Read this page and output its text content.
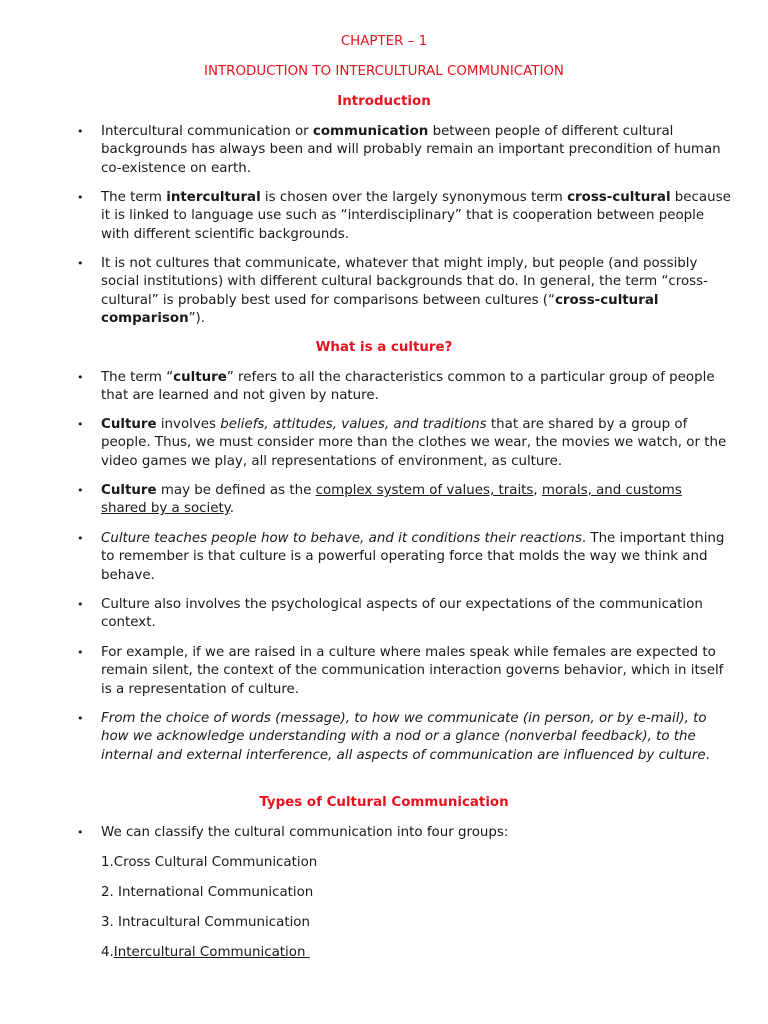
CHAPTER – 1
INTRODUCTION TO INTERCULTURAL COMMUNICATION
Introduction
• Intercultural communication or communication between people of different cultural backgrounds has always been and will probably remain an important precondition of human co-existence on earth.
• The term intercultural is chosen over the largely synonymous term cross-cultural because it is linked to language use such as “interdisciplinary” that is cooperation between people with different scientific backgrounds.
• It is not cultures that communicate, whatever that might imply, but people (and possibly social institutions) with different cultural backgrounds that do. In general, the term “cross-cultural” is probably best used for comparisons between cultures (“cross-cultural comparison”).
What is a culture?
• The term “culture” refers to all the characteristics common to a particular group of people that are learned and not given by nature.
• Culture involves beliefs, attitudes, values, and traditions that are shared by a group of people. Thus, we must consider more than the clothes we wear, the movies we watch, or the video games we play, all representations of environment, as culture.
• Culture may be defined as the complex system of values, traits, morals, and customs shared by a society.
• Culture teaches people how to behave, and it conditions their reactions. The important thing to remember is that culture is a powerful operating force that molds the way we think and behave.
• Culture also involves the psychological aspects of our expectations of the communication context.
• For example, if we are raised in a culture where males speak while females are expected to remain silent, the context of the communication interaction governs behavior, which in itself is a representation of culture.
• From the choice of words (message), to how we communicate (in person, or by e-mail), to how we acknowledge understanding with a nod or a glance (nonverbal feedback), to the internal and external interference, all aspects of communication are influenced by culture.
Types of Cultural Communication
• We can classify the cultural communication into four groups:
1.Cross Cultural Communication
2. International Communication
3. Intracultural Communication
4.Intercultural Communication
